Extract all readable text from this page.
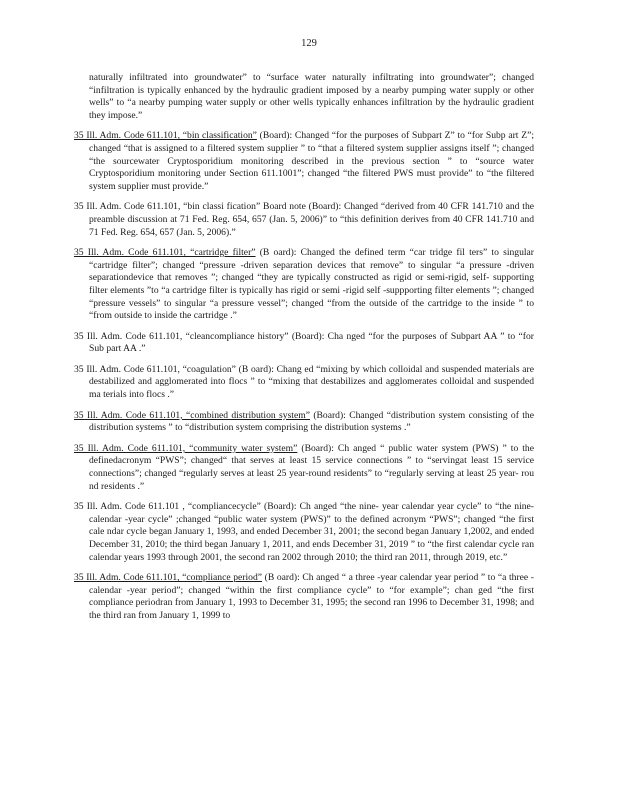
129

naturally infiltrated into groundwater” to “surface water naturally infiltrating into groundwater”; changed “infiltration is typically enhanced by the hydraulic gradient imposed by a nearby pumping water supply or other wells” to “a nearby pumping water supply or other wells typically enhances infiltration by the hydraulic gradient they impose.”

35 Ill. Adm. Code 611.101, “bin classification” (Board): Changed “for the purposes of Subpart Z” to “for Subp art Z”; changed “that is assigned to a filtered system supplier ” to “that a filtered system supplier assigns itself ”; changed “the sourcewater Cryptosporidium monitoring described in the previous section ” to “source water Cryptosporidium monitoring under Section 611.1001”; changed “the filtered PWS must provide” to “the filtered system supplier must provide.”

35 Ill. Adm. Code 611.101, “bin classi fication” Board note (Board): Changed “derived from 40 CFR 141.710 and the preamble discussion at 71 Fed. Reg. 654, 657 (Jan. 5, 2006)” to “this definition derives from 40 CFR 141.710 and 71 Fed. Reg. 654, 657 (Jan. 5, 2006).”

35 Ill. Adm. Code 611.101, “cartridge filter” (B oard): Changed the defined term “car tridge fil ters” to singular “cartridge filter”; changed “pressure -driven separation devices that remove” to singular “a pressure -driven separationdevice that removes ”; changed “they are typically constructed as rigid or semi-rigid, self- supporting filter elements ”to “a cartridge filter is typically has rigid or semi -rigid self -suppporting filter elements ”; changed “pressure vessels” to singular “a pressure vessel”; changed “from the outside of the cartridge to the inside ” to “from outside to inside the cartridge .”

35 Ill. Adm. Code 611.101, “cleancompliance history” (Board): Cha nged “for the purposes of Subpart AA ” to “for Sub part AA .”

35 Ill. Adm. Code 611.101, “coagulation” (B oard): Chang ed “mixing by which colloidal and suspended materials are destabilized and agglomerated into flocs ” to “mixing that destabilizes and agglomerates colloidal and suspended ma terials into flocs .”

35 Ill. Adm. Code 611.101, “combined distribution system” (Board): Changed “distribution system consisting of the distribution systems ” to “distribution system comprising the distribution systems .”

35 Ill. Adm. Code 611.101, “community water system” (Board): Ch anged “ public water system (PWS) ” to the definedacronym “PWS”; changed“ that serves at least 15 service connections ” to “servingat least 15 service connections”; changed “regularly serves at least 25 year-round residents” to “regularly serving at least 25 year- rou nd residents .”

35 Ill. Adm. Code 611.101 , “compliancecycle” (Board): Ch anged “the nine- year calendar year cycle” to “the nine- calendar -year cycle” ;changed “public water system (PWS)” to the defined acronym “PWS”; changed “the first cale ndar cycle began January 1, 1993, and ended December 31, 2001; the second began January 1,2002, and ended December 31, 2010; the third began January 1, 2011, and ends December 31, 2019 ” to “the first calendar cycle ran calendar years 1993 through 2001, the second ran 2002 through 2010; the third ran 2011, through 2019, etc.”

35 Ill. Adm. Code 611.101, “compliance period” (B oard): Ch anged “ a three -year calendar year period ” to “a three -calendar -year period”; changed “within the first compliance cycle” to “for example”; chan ged “the first compliance periodran from January 1, 1993 to December 31, 1995; the second ran 1996 to December 31, 1998; and the third ran from January 1, 1999 to
